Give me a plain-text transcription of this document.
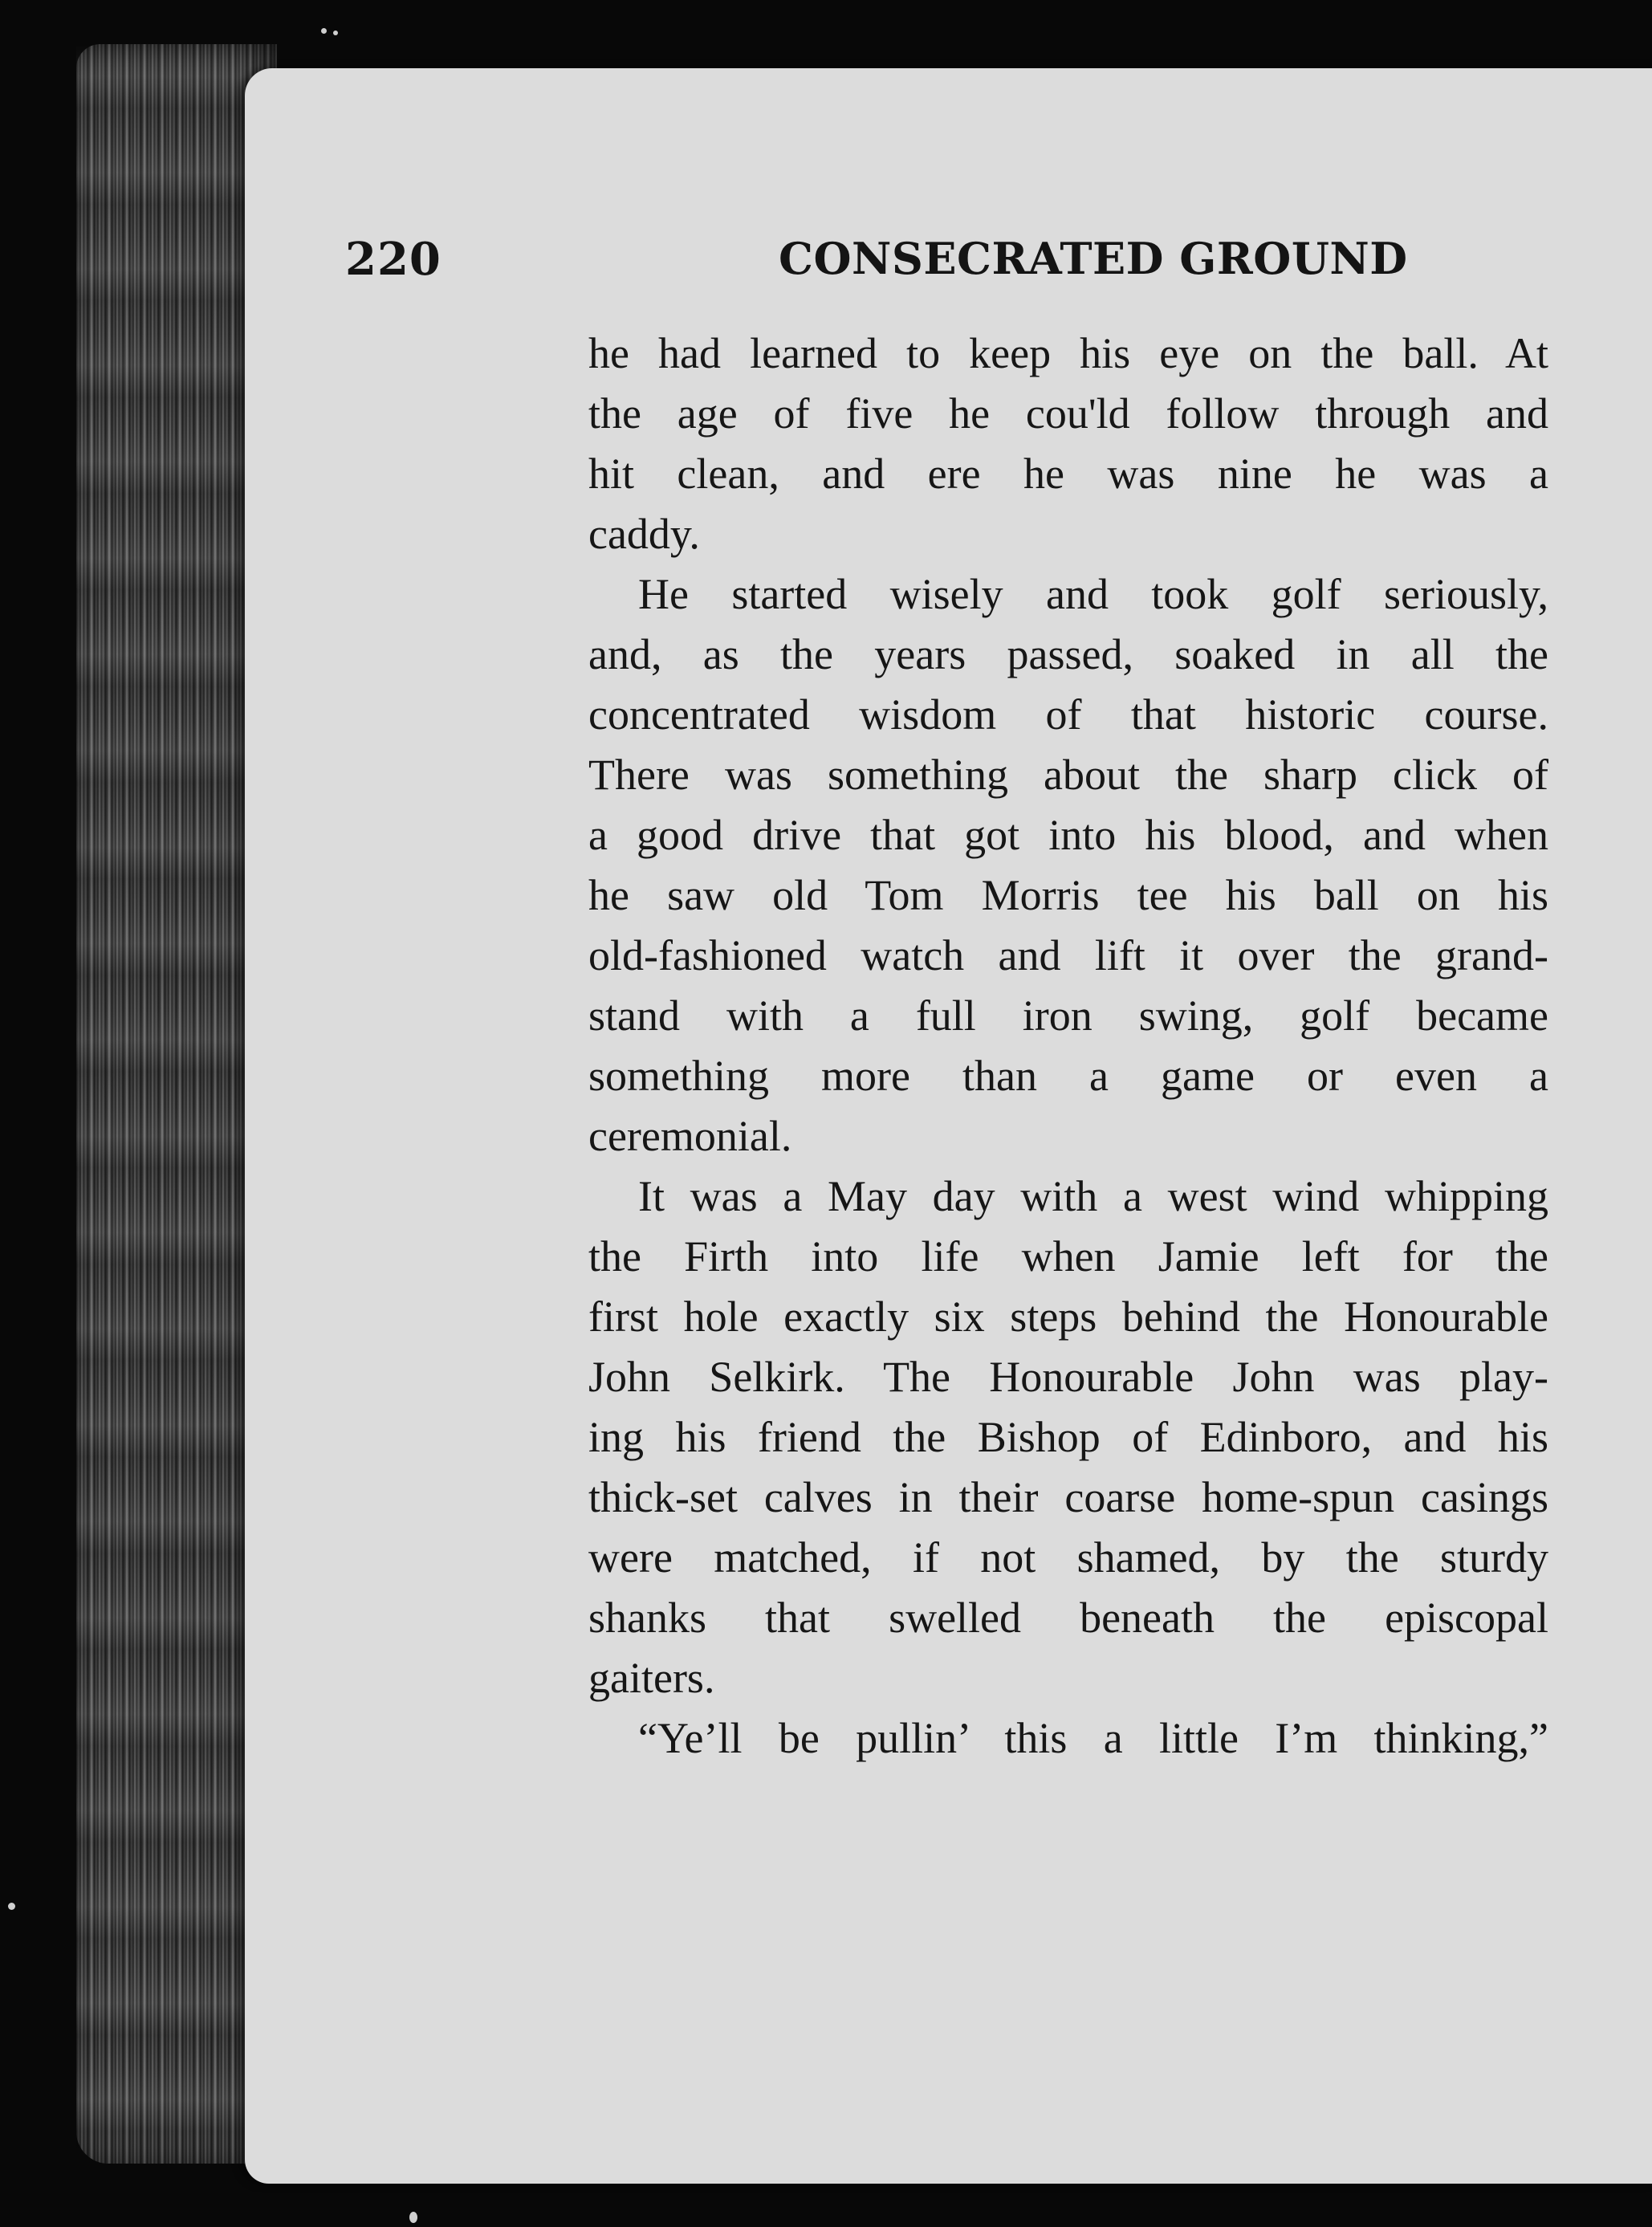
220	CONSECRATED GROUND
he had learned to keep his eye on the ball. At
the age of five he cou'ld follow through and
hit clean, and ere he was nine he was a
caddy.
He started wisely and took golf seriously,
and, as the years passed, soaked in all the
concentrated wisdom of that historic course.
There was something about the sharp click of
a good drive that got into his blood, and when
he saw old Tom Morris tee his ball on his
old-fashioned watch and lift it over the grand-
stand with a full iron swing, golf became
something more than a game or even a
ceremonial.
It was a May day with a west wind whipping
the Firth into life when Jamie left for the
first hole exactly six steps behind the Honourable
John Selkirk. The Honourable John was play-
ing his friend the Bishop of Edinboro, and his
thick-set calves in their coarse home-spun casings
were matched, if not shamed, by the sturdy
shanks that swelled beneath the episcopal
gaiters.
“Ye’ll be pullin’ this a little I’m thinking,”
